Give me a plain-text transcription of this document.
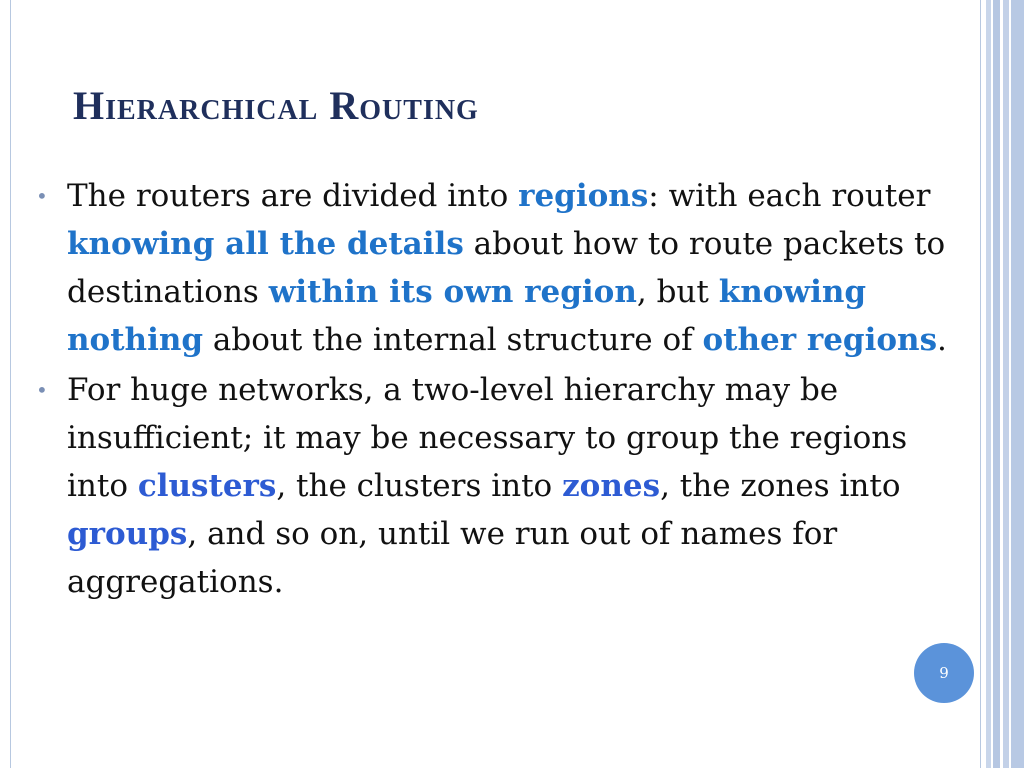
Hierarchical Routing

• The routers are divided into regions: with each router knowing all the details about how to route packets to destinations within its own region, but knowing nothing about the internal structure of other regions.

• For huge networks, a two-level hierarchy may be insufficient; it may be necessary to group the regions into clusters, the clusters into zones, the zones into groups, and so on, until we run out of names for aggregations.

9
